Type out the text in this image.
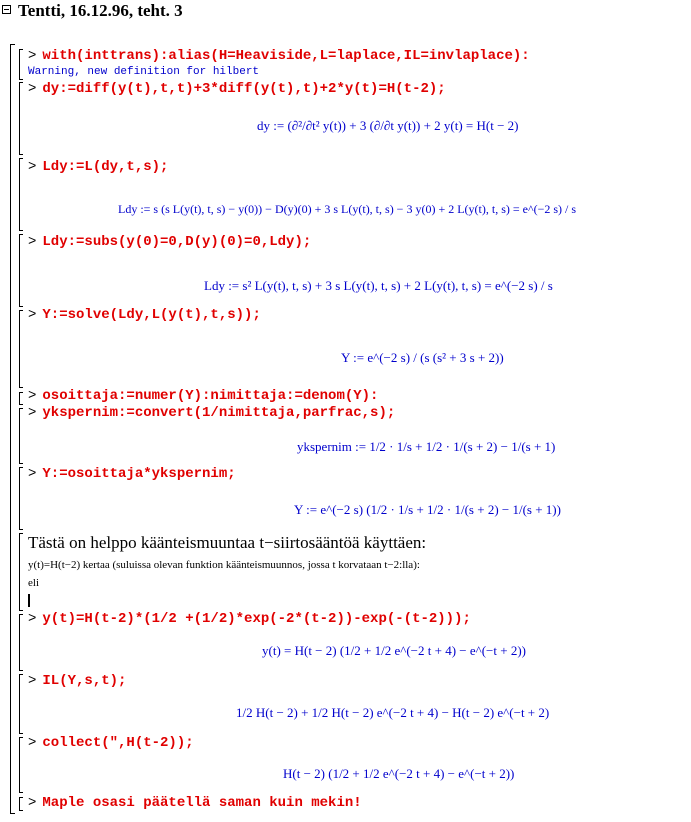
Tentti, 16.12.96, teht. 3
> with(inttrans):alias(H=Heaviside,L=laplace,IL=invlaplace):
Warning, new definition for hilbert
> dy:=diff(y(t),t,t)+3*diff(y(t),t)+2*y(t)=H(t-2);
dy := (∂²/∂t² y(t)) + 3 (∂/∂t y(t)) + 2 y(t) = H(t − 2)
> Ldy:=L(dy,t,s);
Ldy := s (s L(y(t), t, s) − y(0)) − D(y)(0) + 3 s L(y(t), t, s) − 3 y(0) + 2 L(y(t), t, s) = e^(−2 s) / s
> Ldy:=subs(y(0)=0,D(y)(0)=0,Ldy);
Ldy := s² L(y(t), t, s) + 3 s L(y(t), t, s) + 2 L(y(t), t, s) = e^(−2 s) / s
> Y:=solve(Ldy,L(y(t),t,s));
Y := e^(−2 s) / (s (s² + 3 s + 2))
> osoittaja:=numer(Y):nimittaja:=denom(Y):
> ykspernim:=convert(1/nimittaja,parfrac,s);
ykspernim := 1/2 · 1/s + 1/2 · 1/(s + 2) − 1/(s + 1)
> Y:=osoittaja*ykspernim;
Y := e^(−2 s) (1/2 · 1/s + 1/2 · 1/(s + 2) − 1/(s + 1))
Tästä on helppo käänteismuuntaa t−siirtosääntöä käyttäen:
y(t)=H(t−2) kertaa (suluissa olevan funktion käänteismuunnos, jossa t korvataan t−2:lla):
eli
> y(t)=H(t-2)*(1/2 +(1/2)*exp(-2*(t-2))-exp(-(t-2)));
y(t) = H(t − 2) (1/2 + 1/2 e^(−2 t + 4) − e^(−t + 2))
> IL(Y,s,t);
1/2 H(t − 2) + 1/2 H(t − 2) e^(−2 t + 4) − H(t − 2) e^(−t + 2)
> collect(",H(t-2));
H(t − 2) (1/2 + 1/2 e^(−2 t + 4) − e^(−t + 2))
> Maple osasi päätellä saman kuin mekin!
